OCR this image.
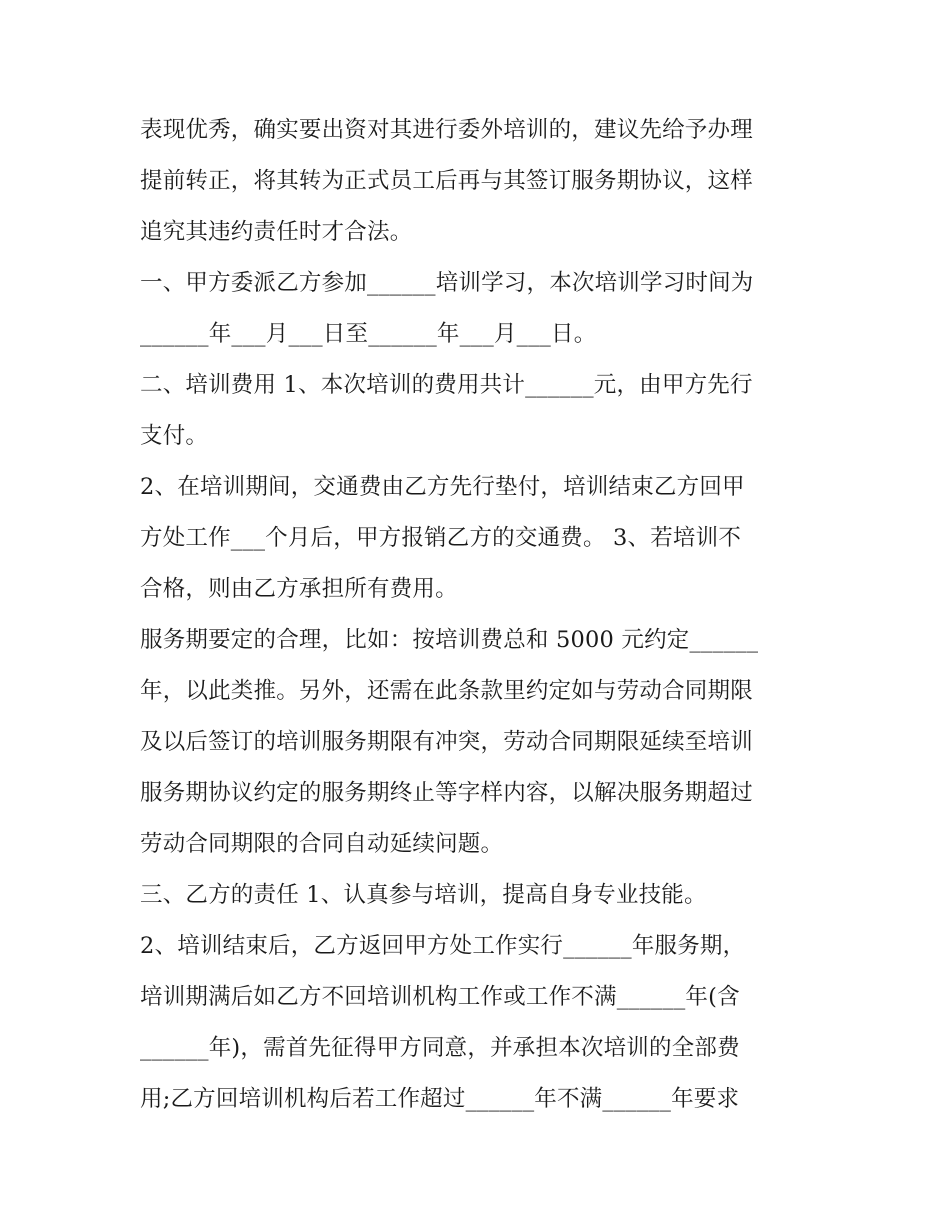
表现优秀，确实要出资对其进行委外培训的，建议先给予办理
提前转正，将其转为正式员工后再与其签订服务期协议，这样
追究其违约责任时才合法。
一、甲方委派乙方参加______培训学习，本次培训学习时间为
______年___月___日至______年___月___日。
二、培训费用 1、本次培训的费用共计______元，由甲方先行
支付。
2、在培训期间，交通费由乙方先行垫付，培训结束乙方回甲
方处工作___个月后，甲方报销乙方的交通费。 3、若培训不
合格，则由乙方承担所有费用。
服务期要定的合理，比如：按培训费总和 5000 元约定______
年，以此类推。另外，还需在此条款里约定如与劳动合同期限
及以后签订的培训服务期限有冲突，劳动合同期限延续至培训
服务期协议约定的服务期终止等字样内容，以解决服务期超过
劳动合同期限的合同自动延续问题。
三、乙方的责任 1、认真参与培训，提高自身专业技能。
2、培训结束后，乙方返回甲方处工作实行______年服务期，
培训期满后如乙方不回培训机构工作或工作不满______年(含
______年)，需首先征得甲方同意，并承担本次培训的全部费
用;乙方回培训机构后若工作超过______年不满______年要求
